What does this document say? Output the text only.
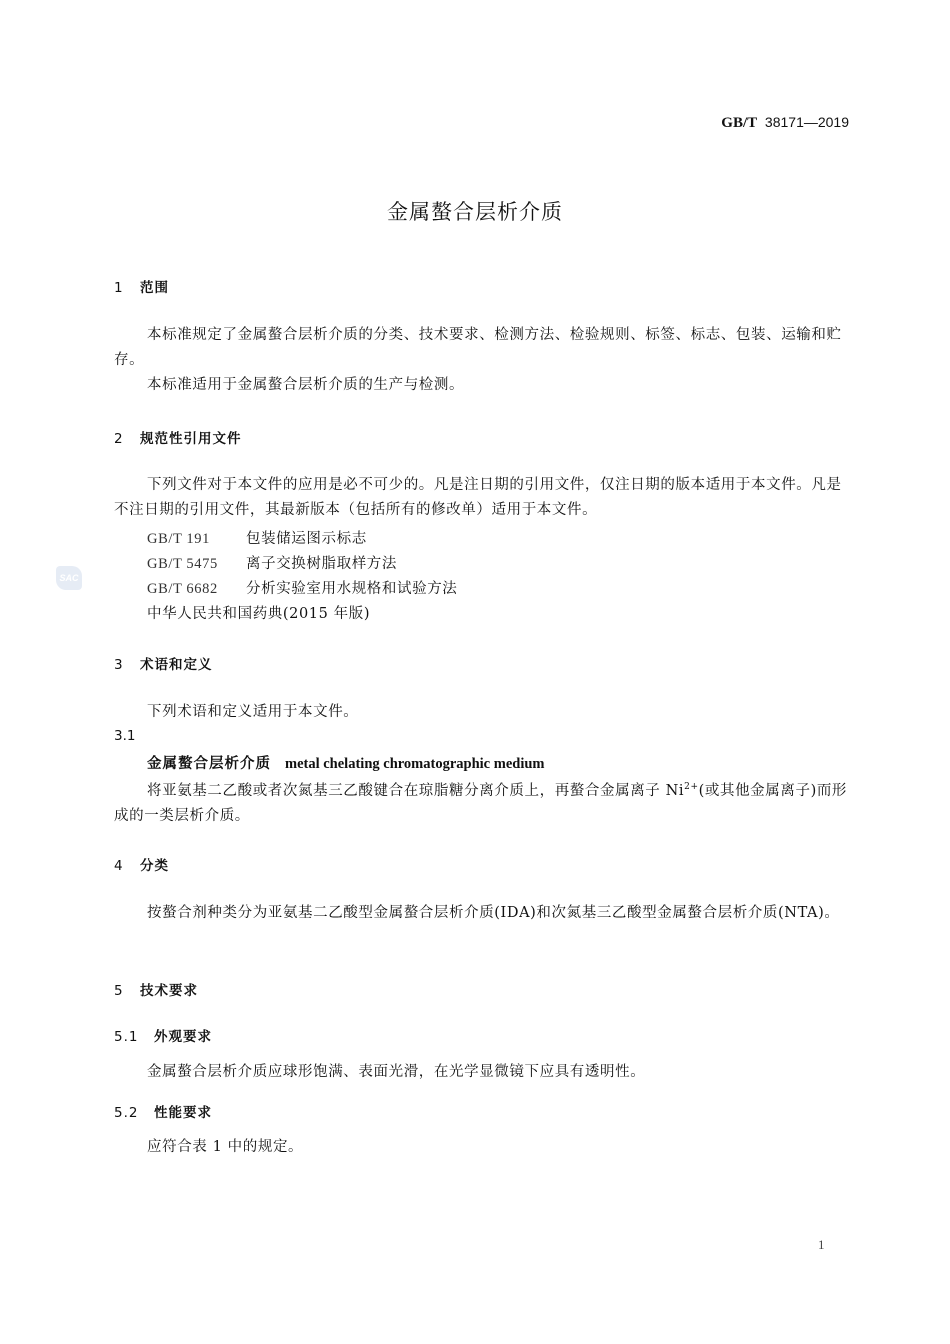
GB/T 38171—2019
金属螯合层析介质
1 范围
本标准规定了金属螯合层析介质的分类、技术要求、检测方法、检验规则、标签、标志、包装、运输和贮存。
本标准适用于金属螯合层析介质的生产与检测。
2 规范性引用文件
下列文件对于本文件的应用是必不可少的。凡是注日期的引用文件，仅注日期的版本适用于本文件。凡是不注日期的引用文件，其最新版本（包括所有的修改单）适用于本文件。
GB/T 191 包装储运图示标志
GB/T 5475 离子交换树脂取样方法
GB/T 6682 分析实验室用水规格和试验方法
中华人民共和国药典(2015 年版)
SAC
3 术语和定义
下列术语和定义适用于本文件。
3.1
金属螯合层析介质 metal chelating chromatographic medium
将亚氨基二乙酸或者次氮基三乙酸键合在琼脂糖分离介质上，再螯合金属离子 $Ni^{2+}$(或其他金属离子)而形成的一类层析介质。
4 分类
按螯合剂种类分为亚氨基二乙酸型金属螯合层析介质(IDA)和次氮基三乙酸型金属螯合层析介质(NTA)。
5 技术要求
5.1 外观要求
金属螯合层析介质应球形饱满、表面光滑，在光学显微镜下应具有透明性。
5.2 性能要求
应符合表 1 中的规定。
1
